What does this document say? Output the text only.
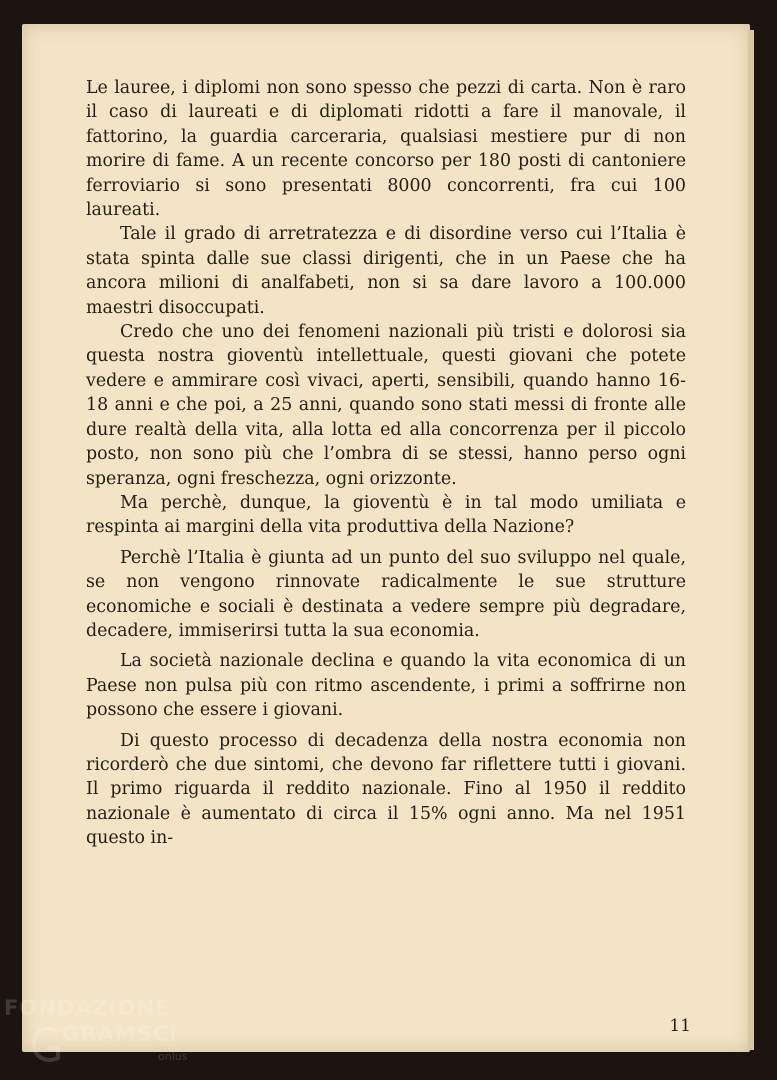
Le lauree, i diplomi non sono spesso che pezzi di carta. Non è raro il caso di laureati e di diplomati ridotti a fare il manovale, il fattorino, la guardia carceraria, qualsiasi mestiere pur di non morire di fame. A un recente concorso per 180 posti di cantoniere ferroviario si sono presentati 8000 concorrenti, fra cui 100 laureati.

Tale il grado di arretratezza e di disordine verso cui l’Italia è stata spinta dalle sue classi dirigenti, che in un Paese che ha ancora milioni di analfabeti, non si sa dare lavoro a 100.000 maestri disoccupati.

Credo che uno dei fenomeni nazionali più tristi e dolorosi sia questa nostra gioventù intellettuale, questi giovani che potete vedere e ammirare così vivaci, aperti, sensibili, quando hanno 16-18 anni e che poi, a 25 anni, quando sono stati messi di fronte alle dure realtà della vita, alla lotta ed alla concorrenza per il piccolo posto, non sono più che l’ombra di se stessi, hanno perso ogni speranza, ogni freschezza, ogni orizzonte.

Ma perchè, dunque, la gioventù è in tal modo umiliata e respinta ai margini della vita produttiva della Nazione?

Perchè l’Italia è giunta ad un punto del suo sviluppo nel quale, se non vengono rinnovate radicalmente le sue strutture economiche e sociali è destinata a vedere sempre più degradare, decadere, immiserirsi tutta la sua economia.

La società nazionale declina e quando la vita economica di un Paese non pulsa più con ritmo ascendente, i primi a soffrirne non possono che essere i giovani.

Di questo processo di decadenza della nostra economia non ricorderò che due sintomi, che devono far riflettere tutti i giovani. Il primo riguarda il reddito nazionale. Fino al 1950 il reddito nazionale è aumentato di circa il 15% ogni anno. Ma nel 1951 questo in-

11
FONDAZIONE
GRAMSCI
onlus
